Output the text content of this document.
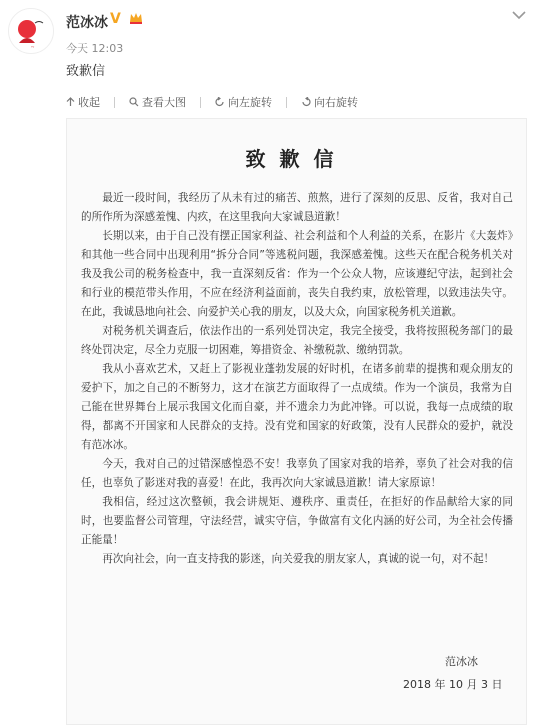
~
范冰冰 V
今天 12:03
致歉信
收起	查看大图	向左旋转	向右旋转
致歉信

最近一段时间，我经历了从未有过的痛苦、煎熬，进行了深刻的反思、反省，我对自己的所作所为深感羞愧、内疚，在这里我向大家诚恳道歉！

长期以来，由于自己没有摆正国家利益、社会利益和个人利益的关系，在影片《大轰炸》和其他一些合同中出现利用“拆分合同”等逃税问题，我深感羞愧。这些天在配合税务机关对我及我公司的税务检查中，我一直深刻反省：作为一个公众人物，应该遵纪守法，起到社会和行业的模范带头作用，不应在经济利益面前，丧失自我约束，放松管理，以致违法失守。在此，我诚恳地向社会、向爱护关心我的朋友，以及大众，向国家税务机关道歉。

对税务机关调查后，依法作出的一系列处罚决定，我完全接受，我将按照税务部门的最终处罚决定，尽全力克服一切困难，筹措资金、补缴税款、缴纳罚款。

我从小喜欢艺术，又赶上了影视业蓬勃发展的好时机，在诸多前辈的提携和观众朋友的爱护下，加之自己的不断努力，这才在演艺方面取得了一点成绩。作为一个演员，我常为自己能在世界舞台上展示我国文化而自豪，并不遗余力为此冲锋。可以说，我每一点成绩的取得，都离不开国家和人民群众的支持。没有党和国家的好政策，没有人民群众的爱护，就没有范冰冰。

今天，我对自己的过错深感惶恐不安！我辜负了国家对我的培养，辜负了社会对我的信任，也辜负了影迷对我的喜爱！在此，我再次向大家诚恳道歉！请大家原谅！

我相信，经过这次整顿，我会讲规矩、遵秩序、重责任，在拒好的作品献给大家的同时，也要监督公司管理，守法经营，诚实守信，争做富有文化内涵的好公司，为全社会传播正能量！

再次向社会，向一直支持我的影迷，向关爱我的朋友家人，真诚的说一句，对不起！

范冰冰
2018 年 10 月 3 日
